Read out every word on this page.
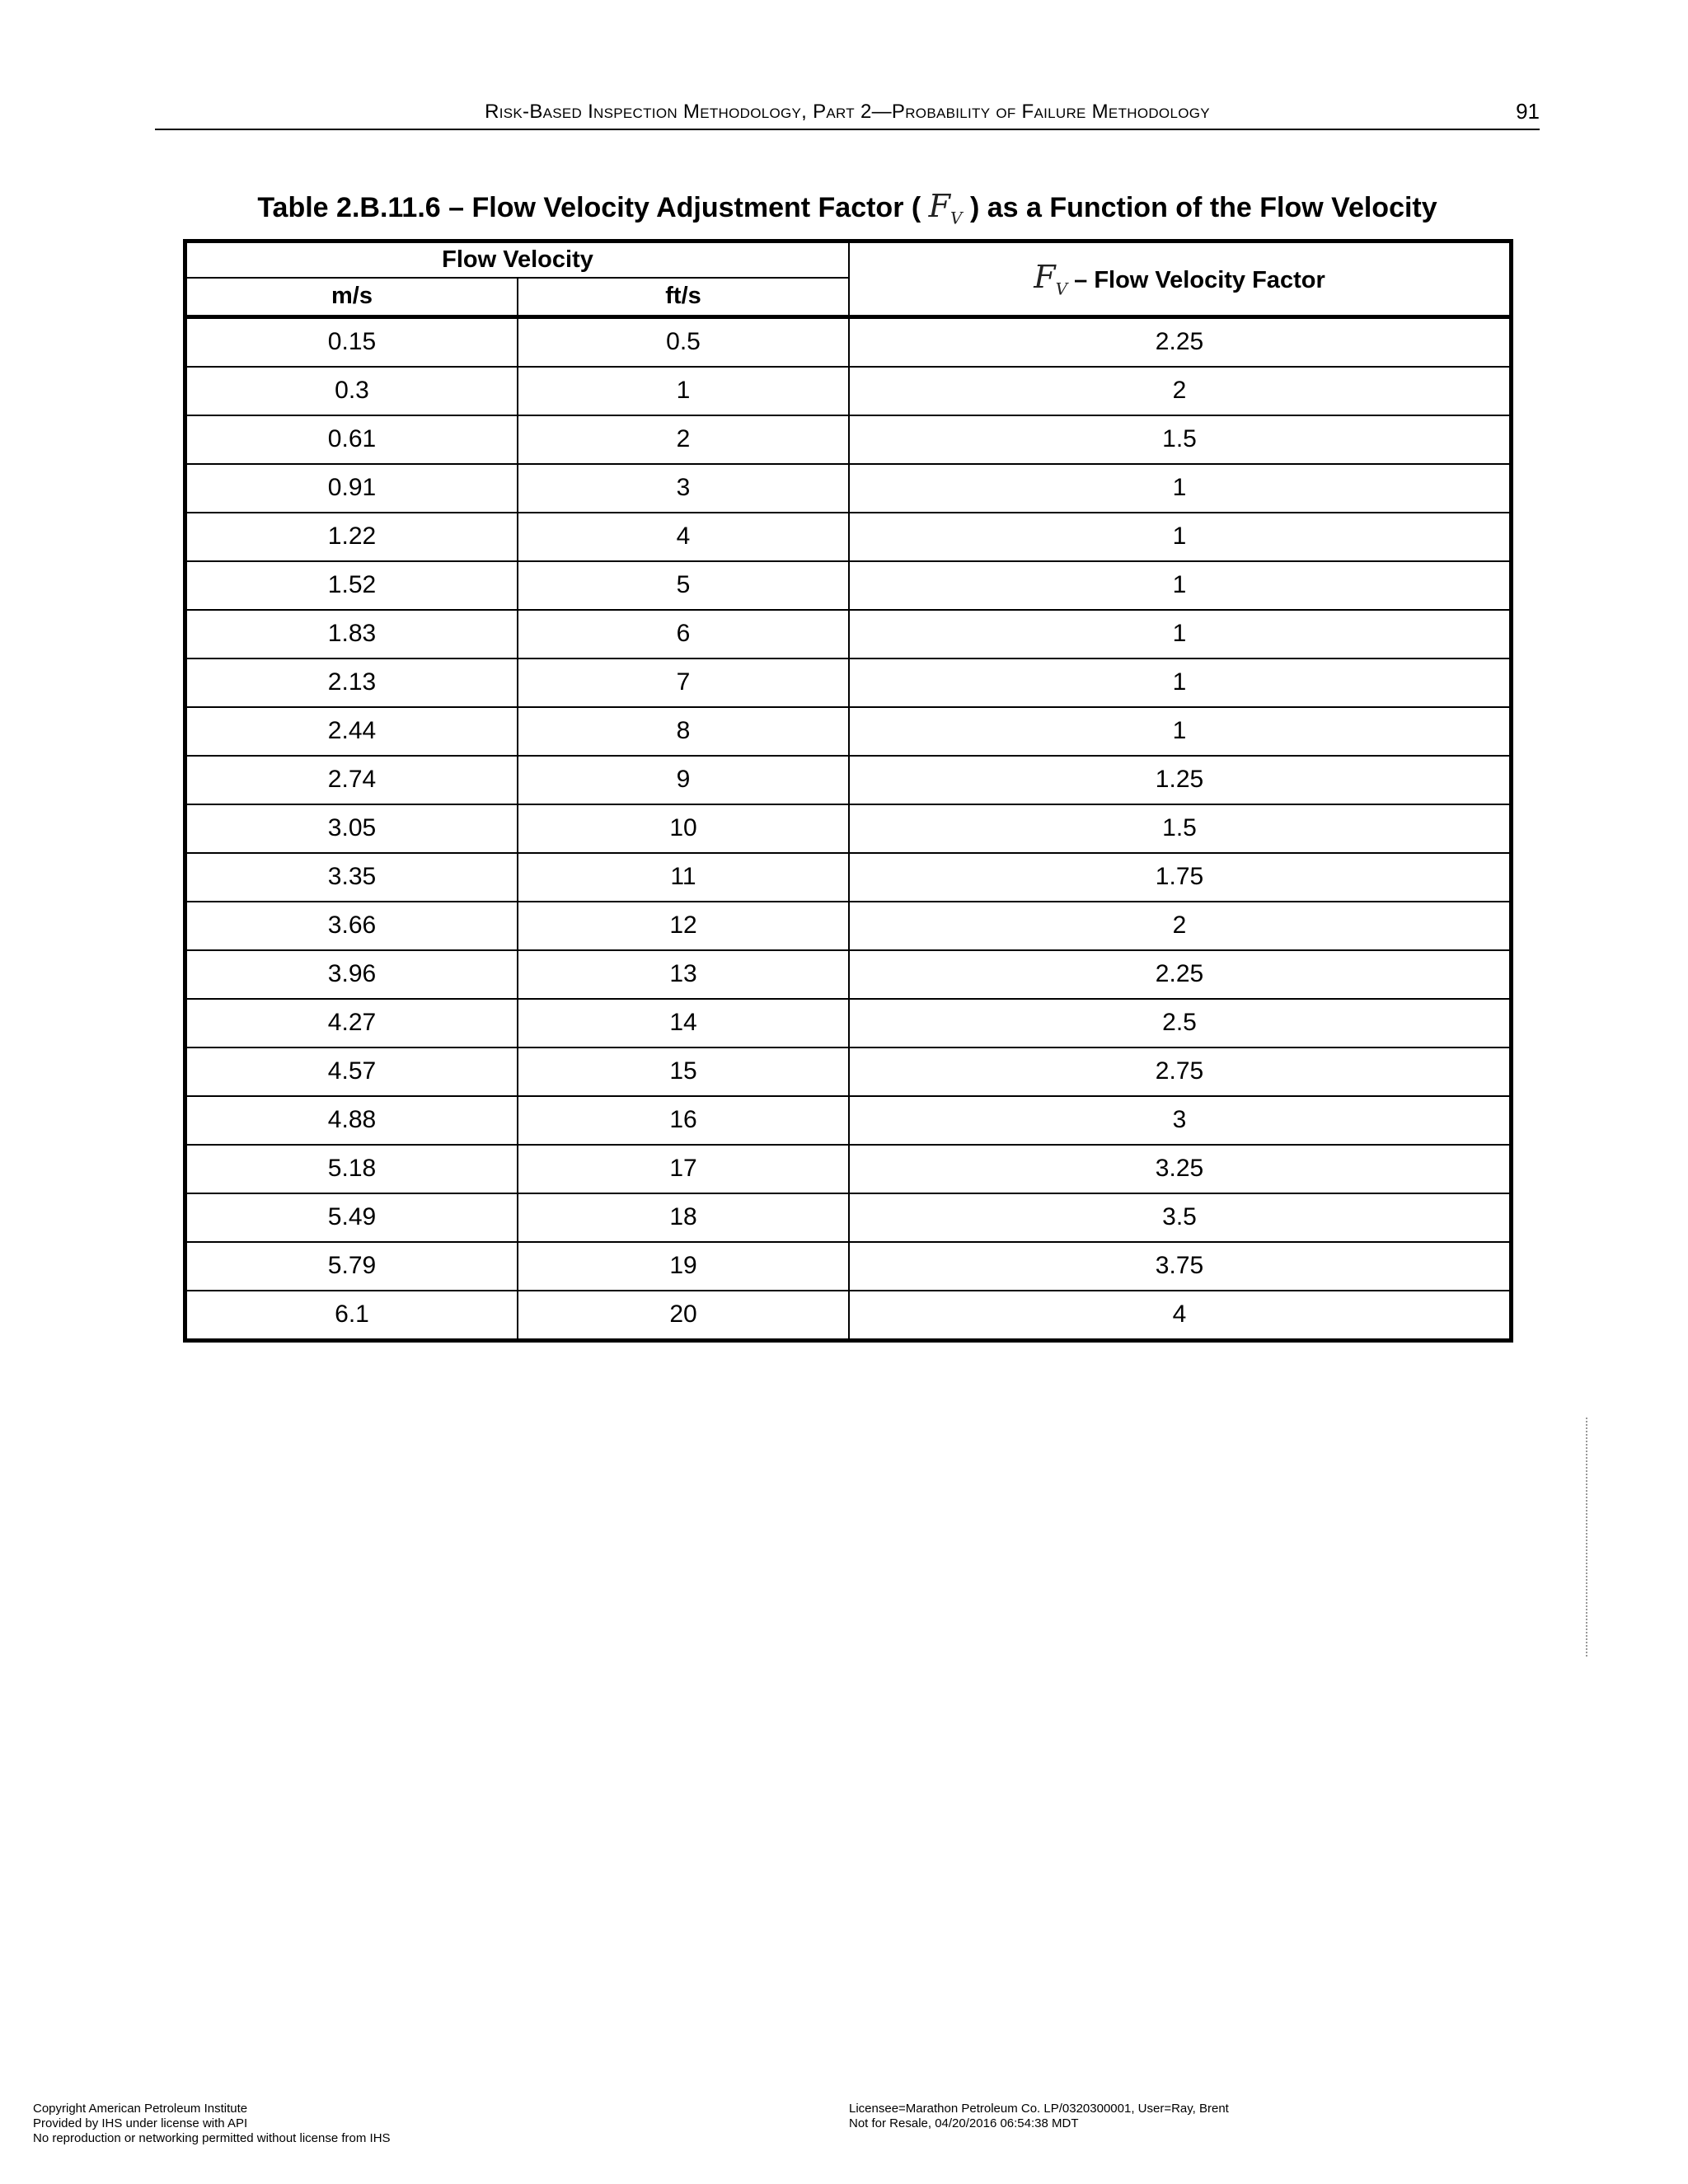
Risk-Based Inspection Methodology, Part 2—Probability of Failure Methodology	91
Table 2.B.11.6 – Flow Velocity Adjustment Factor ( $F_V$ ) as a Function of the Flow Velocity
Flow Velocity		$F_V$ – Flow Velocity Factor
m/s	ft/s	
0.15	0.5	2.25
0.3	1	2
0.61	2	1.5
0.91	3	1
1.22	4	1
1.52	5	1
1.83	6	1
2.13	7	1
2.44	8	1
2.74	9	1.25
3.05	10	1.5
3.35	11	1.75
3.66	12	2
3.96	13	2.25
4.27	14	2.5
4.57	15	2.75
4.88	16	3
5.18	17	3.25
5.49	18	3.5
5.79	19	3.75
6.1	20	4
Copyright American Petroleum Institute
Provided by IHS under license with API
No reproduction or networking permitted without license from IHS
Licensee=Marathon Petroleum Co. LP/0320300001, User=Ray, Brent
Not for Resale, 04/20/2016 06:54:38 MDT
